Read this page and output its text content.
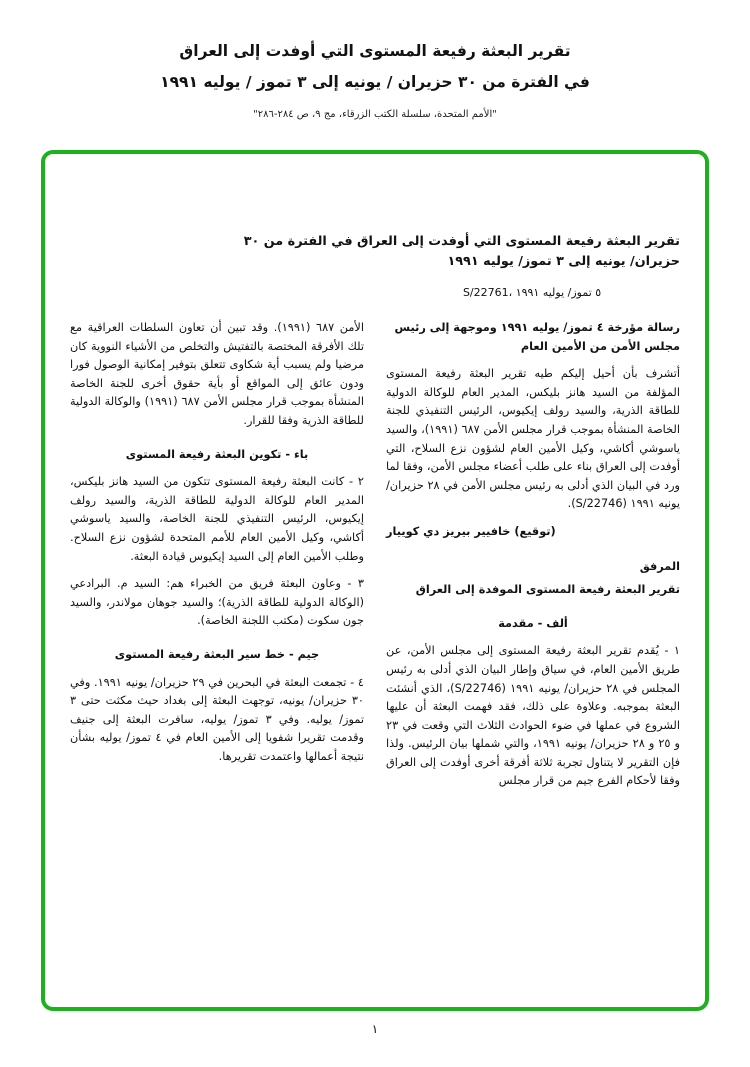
تقرير البعثة رفيعة المستوى التي أوفدت إلى العراق
في الفترة من ٣٠ حزيران / يونيه إلى ٣ تموز / يوليه ١٩٩١
"الأمم المتحدة، سلسلة الكتب الزرقاء، مج ٩، ص ٢٨٤-٢٨٦"
تقرير البعثة رفيعة المستوى التي أوفدت إلى العراق في الفترة من ٣٠
حزيران/ يونيه إلى ٣ تموز/ يوليه ١٩٩١
S/22761، ٥ تموز/ يوليه ١٩٩١
رسالة مؤرخة ٤ تموز/ يوليه ١٩٩١ وموجهة إلى رئيس مجلس الأمن من الأمين العام
أتشرف بأن أحيل إليكم طيه تقرير البعثة رفيعة المستوى المؤلفة من السيد هانز بليكس، المدير العام للوكالة الدولية للطاقة الذرية، والسيد رولف إيكيوس، الرئيس التنفيذي للجنة الخاصة المنشأة بموجب قرار مجلس الأمن ٦٨٧ (١٩٩١)، والسيد ياسوشي أكاشي، وكيل الأمين العام لشؤون نزع السلاح، التي أوفدت إلى العراق بناء على طلب أعضاء مجلس الأمن، وفقا لما ورد في البيان الذي أدلى به رئيس مجلس الأمن في ٢٨ حزيران/ يونيه ١٩٩١ (S/22746).
(توقيع) خافيير بيريز دي كوييار
المرفق
تقرير البعثة رفيعة المستوى الموفدة إلى العراق
ألف - مقدمة
١ - يُقدم تقرير البعثة رفيعة المستوى إلى مجلس الأمن، عن طريق الأمين العام، في سياق وإطار البيان الذي أدلى به رئيس المجلس في ٢٨ حزيران/ يونيه ١٩٩١ (S/22746)، الذي أنشئت البعثة بموجبه. وعلاوة على ذلك، فقد فهمت البعثة أن عليها الشروع في عملها في ضوء الحوادث الثلاث التي وقعت في ٢٣ و ٢٥ و ٢٨ حزيران/ يونيه ١٩٩١، والتي شملها بيان الرئيس. ولذا فإن التقرير لا يتناول تجربة ثلاثة أفرقة أخرى أوفدت إلى العراق وفقا لأحكام الفرع جيم من قرار مجلس
الأمن ٦٨٧ (١٩٩١). وقد تبين أن تعاون السلطات العراقية مع تلك الأفرقة المختصة بالتفتيش والتخلص من الأشياء النووية كان مرضيا ولم يسبب أية شكاوى تتعلق بتوفير إمكانية الوصول فورا ودون عائق إلى المواقع أو بأية حقوق أخرى للجنة الخاصة المنشأة بموجب قرار مجلس الأمن ٦٨٧ (١٩٩١) والوكالة الدولية للطاقة الذرية وفقا للقرار.
باء - تكوين البعثة رفيعة المستوى
٢ - كانت البعثة رفيعة المستوى تتكون من السيد هانز بليكس، المدير العام للوكالة الدولية للطاقة الذرية، والسيد رولف إيكيوس، الرئيس التنفيذي للجنة الخاصة، والسيد ياسوشي أكاشي، وكيل الأمين العام للأمم المتحدة لشؤون نزع السلاح. وطلب الأمين العام إلى السيد إيكيوس قيادة البعثة.
٣ - وعاون البعثة فريق من الخبراء هم: السيد م. البرادعي (الوكالة الدولية للطاقة الذرية)؛ والسيد جوهان مولاندر، والسيد جون سكوت (مكتب اللجنة الخاصة).
جيم - خط سير البعثة رفيعة المستوى
٤ - تجمعت البعثة في البحرين في ٢٩ حزيران/ يونيه ١٩٩١. وفي ٣٠ حزيران/ يونيه، توجهت البعثة إلى بغداد حيث مكثت حتى ٣ تموز/ يوليه. وفي ٣ تموز/ يوليه، سافرت البعثة إلى جنيف وقدمت تقريرا شفويا إلى الأمين العام في ٤ تموز/ يوليه بشأن نتيجة أعمالها واعتمدت تقريرها.
١
